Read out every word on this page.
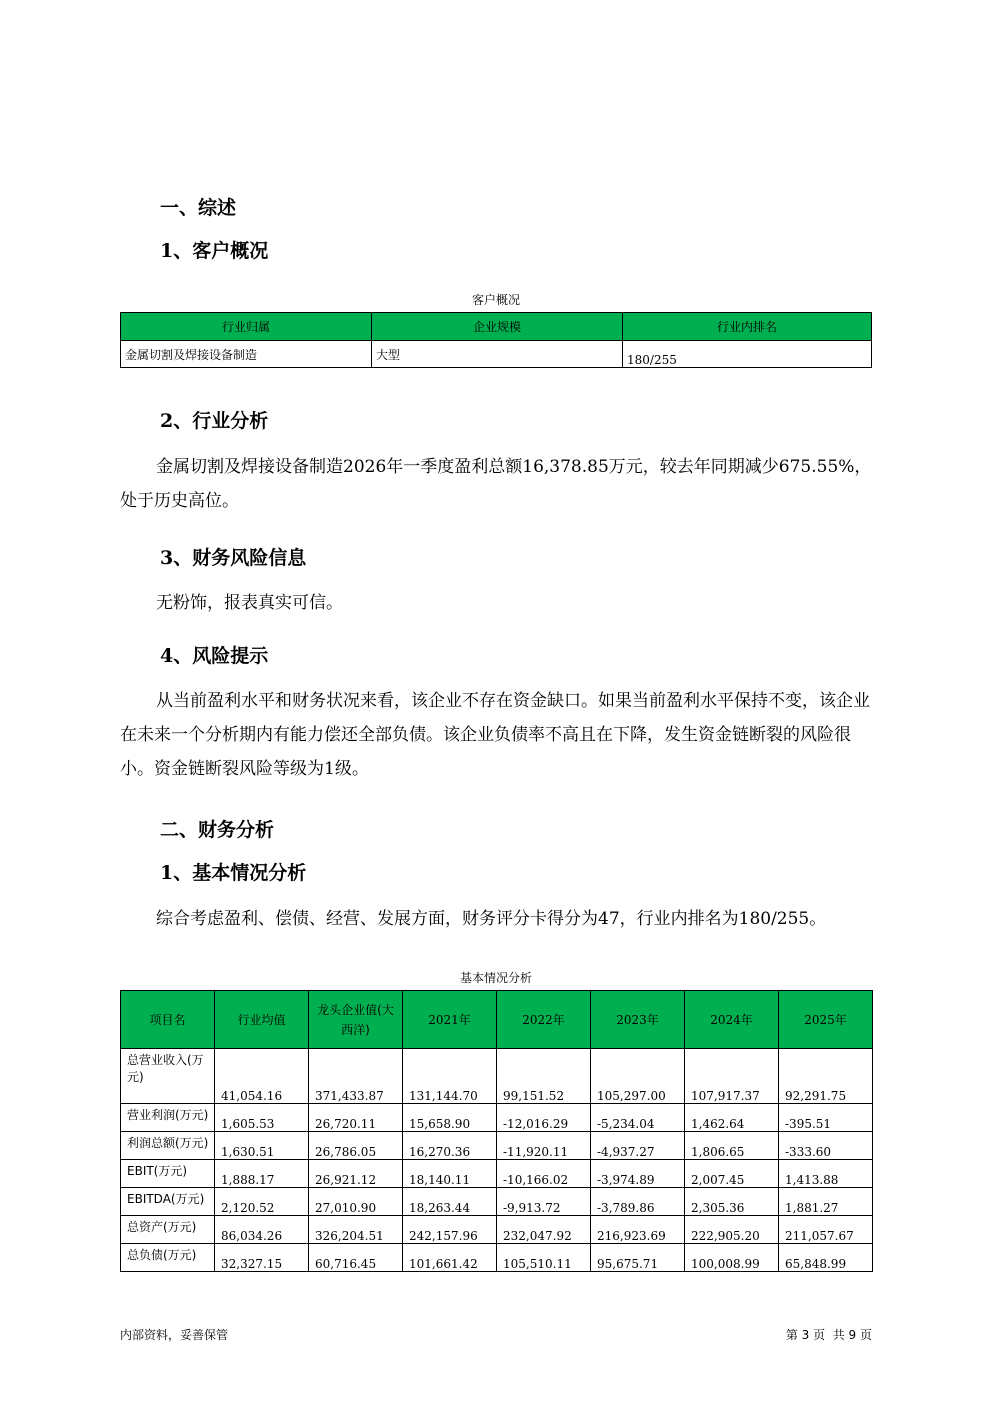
一、综述
1、客户概况
客户概况
行业归属	企业规模	行业内排名
金属切割及焊接设备制造	大型	180/255
2、行业分析
金属切割及焊接设备制造2026年一季度盈利总额16,378.85万元，较去年同期减少675.55%，处于历史高位。
3、财务风险信息
无粉饰，报表真实可信。
4、风险提示
从当前盈利水平和财务状况来看，该企业不存在资金缺口。如果当前盈利水平保持不变，该企业在未来一个分析期内有能力偿还全部负债。该企业负债率不高且在下降，发生资金链断裂的风险很小。资金链断裂风险等级为1级。
二、财务分析
1、基本情况分析
综合考虑盈利、偿债、经营、发展方面，财务评分卡得分为47，行业内排名为180/255。
基本情况分析
项目名	行业均值	龙头企业值(大西洋)	2021年	2022年	2023年	2024年	2025年
总营业收入(万元)	41,054.16	371,433.87	131,144.70	99,151.52	105,297.00	107,917.37	92,291.75
营业利润(万元)	1,605.53	26,720.11	15,658.90	-12,016.29	-5,234.04	1,462.64	-395.51
利润总额(万元)	1,630.51	26,786.05	16,270.36	-11,920.11	-4,937.27	1,806.65	-333.60
EBIT(万元)	1,888.17	26,921.12	18,140.11	-10,166.02	-3,974.89	2,007.45	1,413.88
EBITDA(万元)	2,120.52	27,010.90	18,263.44	-9,913.72	-3,789.86	2,305.36	1,881.27
总资产(万元)	86,034.26	326,204.51	242,157.96	232,047.92	216,923.69	222,905.20	211,057.67
总负债(万元)	32,327.15	60,716.45	101,661.42	105,510.11	95,675.71	100,008.99	65,848.99
内部资料，妥善保管	第 3 页  共 9 页
